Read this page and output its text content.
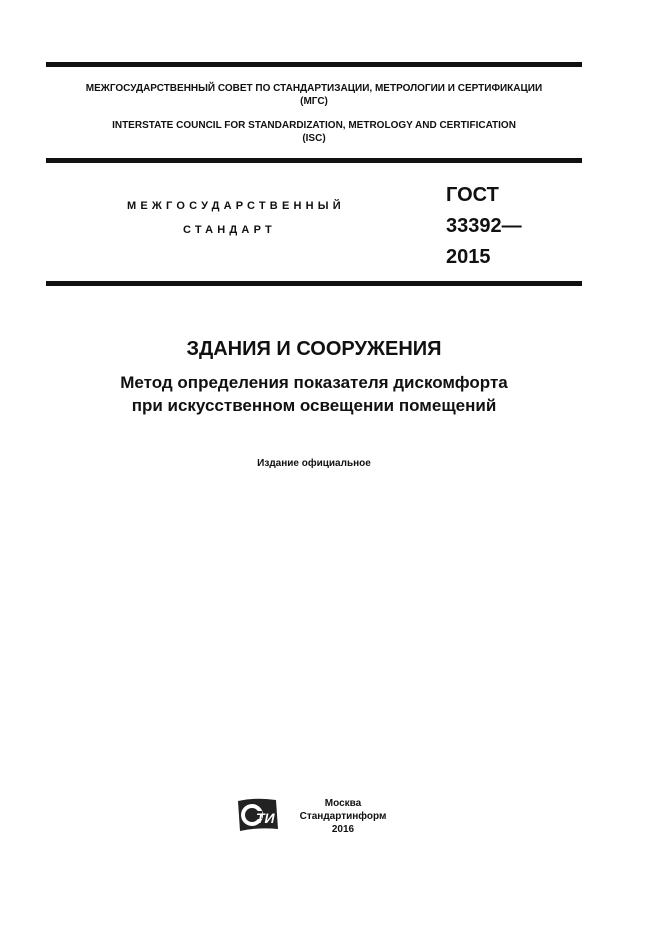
МЕЖГОСУДАРСТВЕННЫЙ СОВЕТ ПО СТАНДАРТИЗАЦИИ, МЕТРОЛОГИИ И СЕРТИФИКАЦИИ
(МГС)
INTERSTATE COUNCIL FOR STANDARDIZATION, METROLOGY AND CERTIFICATION
(ISC)
МЕЖГОСУДАРСТВЕННЫЙ
СТАНДАРТ
ГОСТ
33392—
2015
ЗДАНИЯ И СООРУЖЕНИЯ
Метод определения показателя дискомфорта
при искусственном освещении помещений
Издание официальное
ТИ
Москва
Стандартинформ
2016
